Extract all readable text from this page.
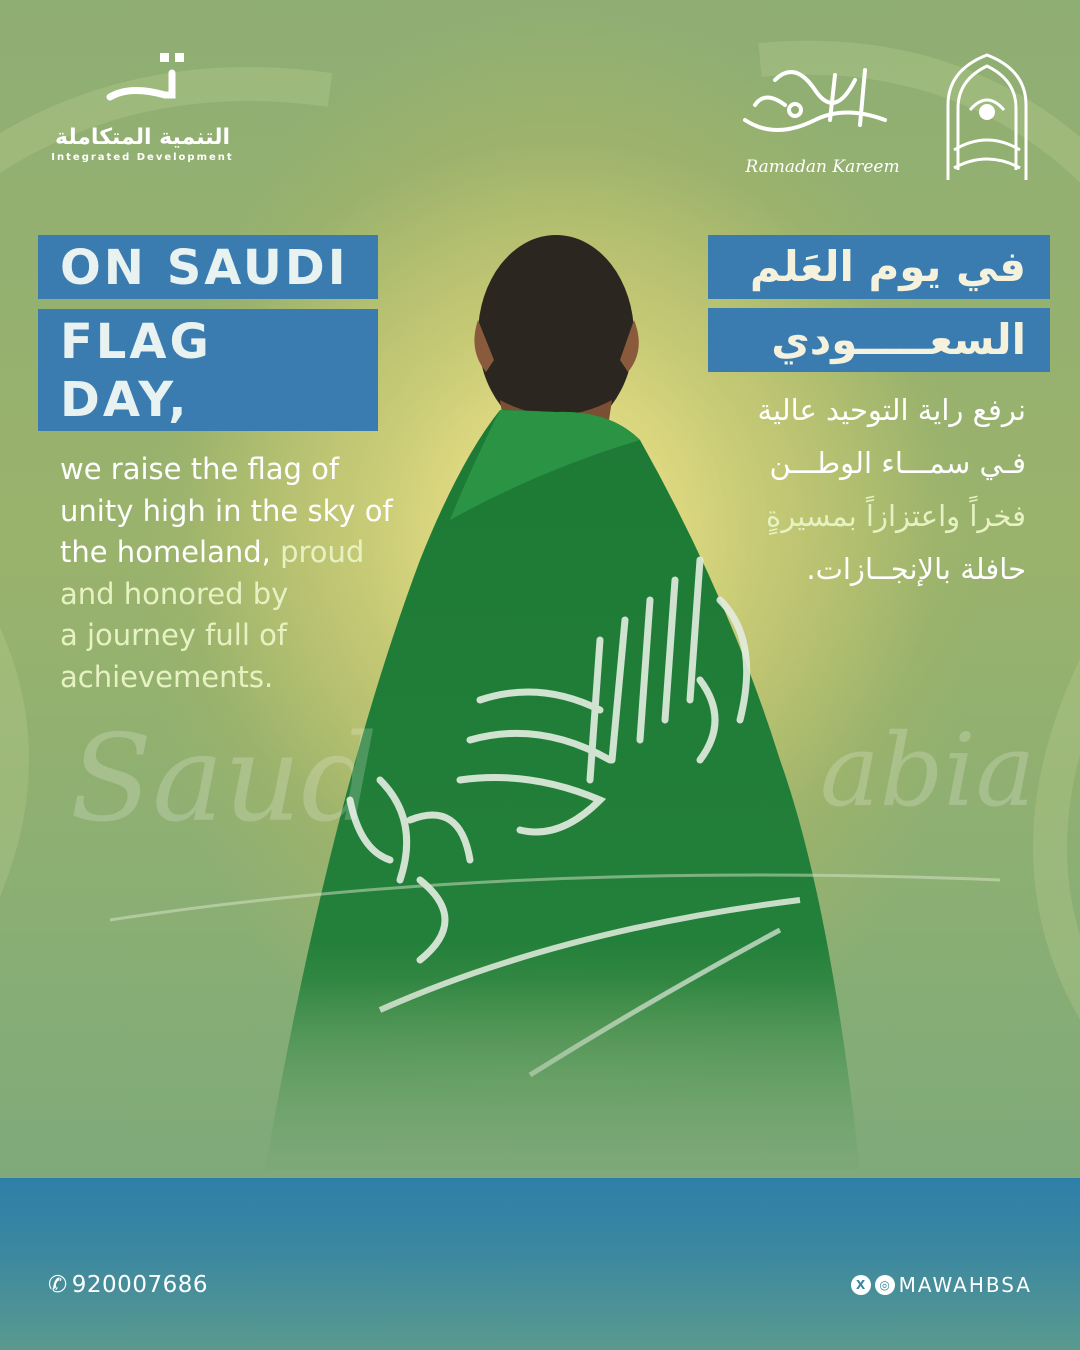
Saud	abia
التنمية المتكاملة
Integrated Development	Ramadan Kareem
ON SAUDI FLAG DAY,
we raise the flag of
unity high in the sky of
the homeland, proud
and honored by
a journey full of
achievements.
في يوم العَلم
السعـــــودي
نرفع راية التوحيد عالية
فـي سمـــاء الوطـــن
فخراً واعتزازاً بمسيرةٍ
حافلة بالإنجــازات.
✆ 920007686	X	◎ MAWAHBSA
